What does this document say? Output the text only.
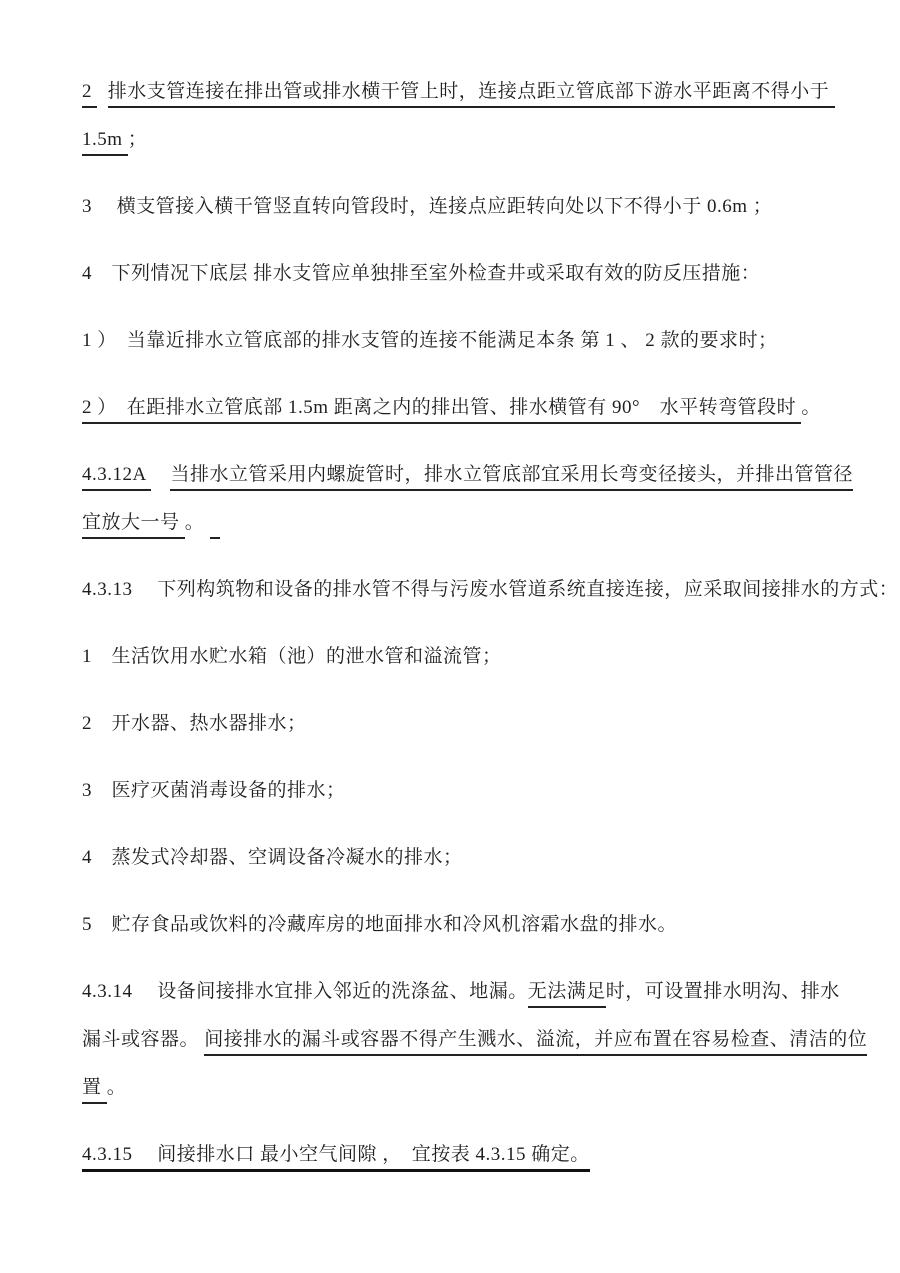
2   排水支管连接在排出管或排水横干管上时，连接点距立管底部下游水平距离不得小于
1.5m ；
3　 横支管接入横干管竖直转向管段时，连接点应距转向处以下不得小于 0.6m ；
4　下列情况下底层 排水支管应单独排至室外检查井或采取有效的防反压措施：
1 ）　当靠近排水立管底部的排水支管的连接不能满足本条 第 1 、 2 款的要求时；
2 ）　在距排水立管底部 1.5m 距离之内的排出管、排水横管有 90°　水平转弯管段时 。
4.3.12A 　当排水立管采用内螺旋管时，排水立管底部宜采用长弯变径接头，并排出管管径
宜放大一号 。
4.3.13　 下列构筑物和设备的排水管不得与污废水管道系统直接连接，应采取间接排水的方式：
1　生活饮用水贮水箱（池）的泄水管和溢流管；
2　开水器、热水器排水；
3　医疗灭菌消毒设备的排水；
4　蒸发式冷却器、空调设备冷凝水的排水；
5　贮存食品或饮料的冷藏库房的地面排水和冷风机溶霜水盘的排水。
4.3.14　 设备间接排水宜排入邻近的洗涤盆、地漏。无法满足时，可设置排水明沟、排水
漏斗或容器。 间接排水的漏斗或容器不得产生溅水、溢流，并应布置在容易检查、清洁的位
置 。
4.3.15　 间接排水口 最小空气间隙 ，　宜按表 4.3.15 确定。
